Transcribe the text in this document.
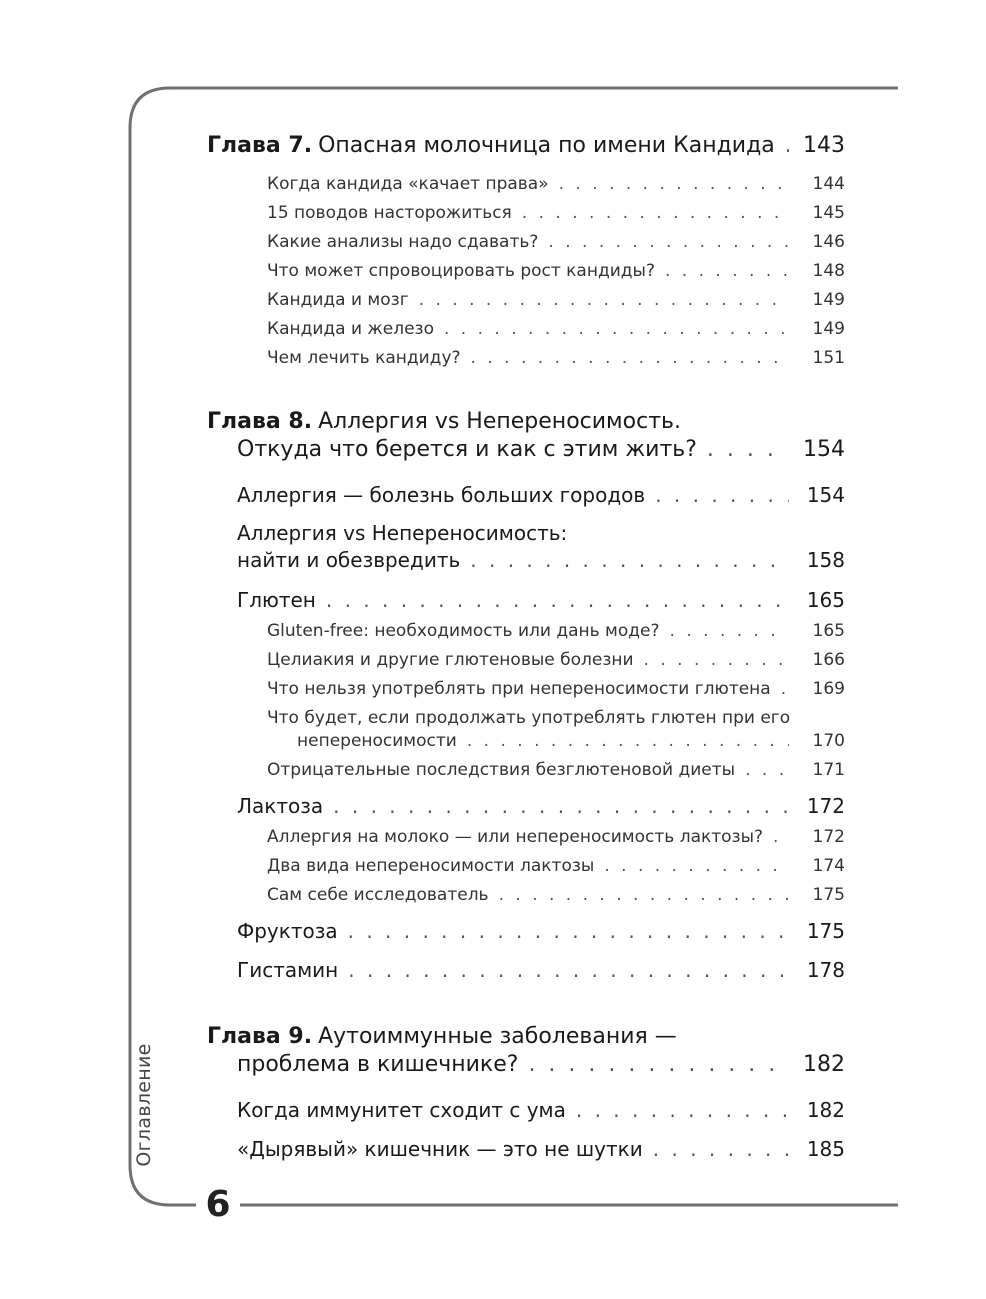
Оглавление
6
Глава 7. Опасная молочница по имени Кандида . . . 143
Когда кандида «качает права» . . .	144
15 поводов насторожиться . . .	145
Какие анализы надо сдавать? . . .	146
Что может спровоцировать рост кандиды? . . .	148
Кандида и мозг . . .	149
Кандида и железо . . .	149
Чем лечить кандиду? . . .	151
Глава 8. Аллергия vs Непереносимость.
Откуда что берется и как с этим жить? . . .	154
Аллергия — болезнь больших городов . . .	154
Аллергия vs Непереносимость:
найти и обезвредить . . .	158
Глютен . . .	165
Gluten-free: необходимость или дань моде? . . .	165
Целиакия и другие глютеновые болезни . . .	166
Что нельзя употреблять при непереносимости глютена . . .	169
Что будет, если продолжать употреблять глютен при его
непереносимости . . .	170
Отрицательные последствия безглютеновой диеты . . .	171
Лактоза . . .	172
Аллергия на молоко — или непереносимость лактозы? . . .	172
Два вида непереносимости лактозы . . .	174
Сам себе исследователь . . .	175
Фруктоза . . .	175
Гистамин . . .	178
Глава 9. Аутоиммунные заболевания —
проблема в кишечнике? . . .	182
Когда иммунитет сходит с ума . . .	182
«Дырявый» кишечник — это не шутки . . .	185
